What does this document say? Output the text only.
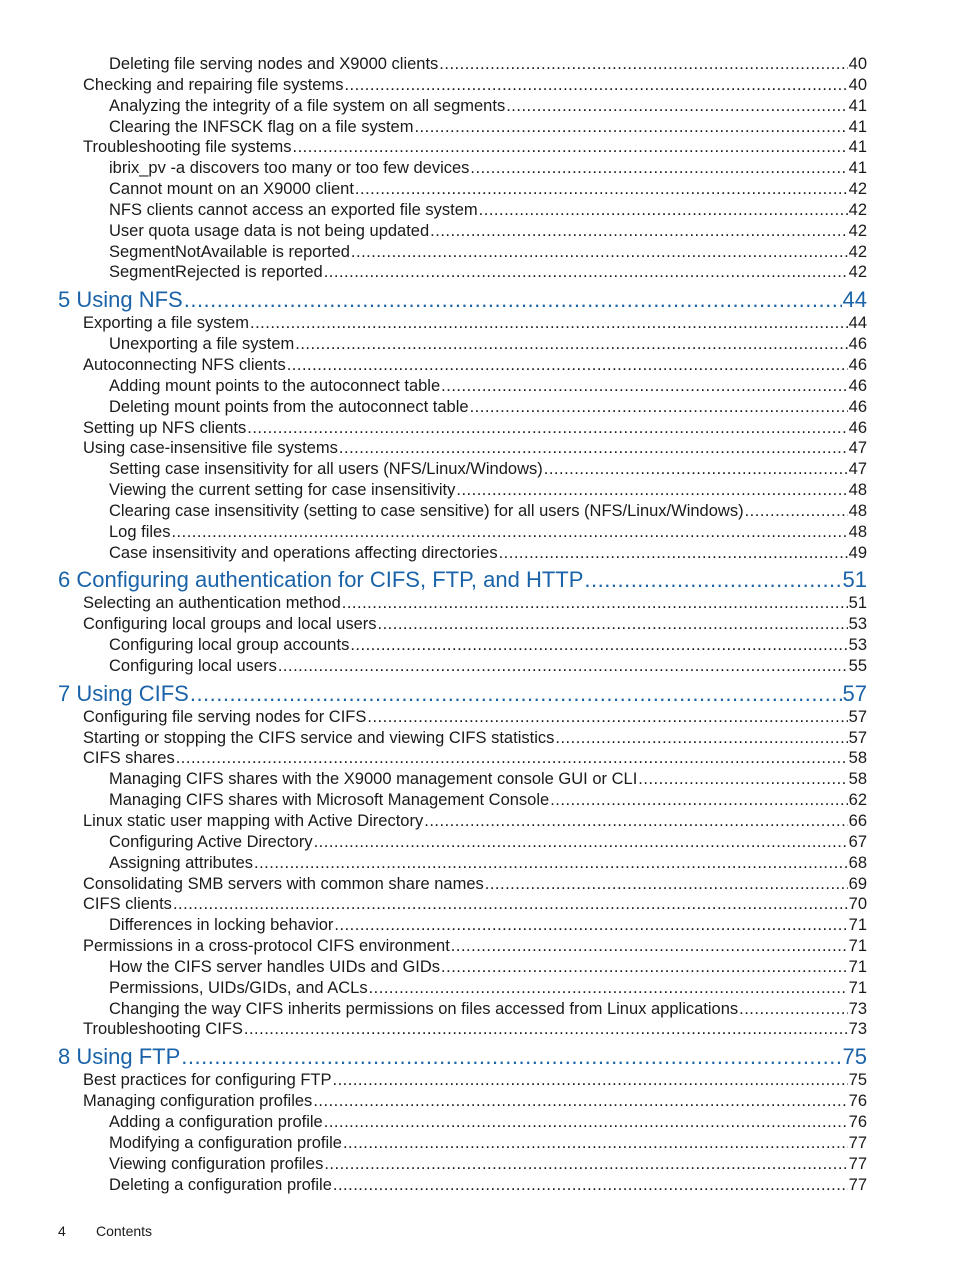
Deleting file serving nodes and X9000 clients .....	40
Checking and repairing file systems .....	40
Analyzing the integrity of a file system on all segments .....	41
Clearing the INFSCK flag on a file system .....	41
Troubleshooting file systems .....	41
ibrix_pv -a discovers too many or too few devices .....	41
Cannot mount on an X9000 client .....	42
NFS clients cannot access an exported file system .....	42
User quota usage data is not being updated .....	42
SegmentNotAvailable is reported .....	42
SegmentRejected is reported .....	42
5 Using NFS .....	44
Exporting a file system .....	44
Unexporting a file system .....	46
Autoconnecting NFS clients .....	46
Adding mount points to the autoconnect table .....	46
Deleting mount points from the autoconnect table .....	46
Setting up NFS clients .....	46
Using case-insensitive file systems .....	47
Setting case insensitivity for all users (NFS/Linux/Windows) .....	47
Viewing the current setting for case insensitivity .....	48
Clearing case insensitivity (setting to case sensitive) for all users (NFS/Linux/Windows) .....	48
Log files .....	48
Case insensitivity and operations affecting directories .....	49
6 Configuring authentication for CIFS, FTP, and HTTP .....	51
Selecting an authentication method .....	51
Configuring local groups and local users .....	53
Configuring local group accounts .....	53
Configuring local users .....	55
7 Using CIFS .....	57
Configuring file serving nodes for CIFS .....	57
Starting or stopping the CIFS service and viewing CIFS statistics .....	57
CIFS shares .....	58
Managing CIFS shares with the X9000 management console GUI or CLI .....	58
Managing CIFS shares with Microsoft Management Console .....	62
Linux static user mapping with Active Directory .....	66
Configuring Active Directory .....	67
Assigning attributes .....	68
Consolidating SMB servers with common share names .....	69
CIFS clients .....	70
Differences in locking behavior .....	71
Permissions in a cross-protocol CIFS environment .....	71
How the CIFS server handles UIDs and GIDs .....	71
Permissions, UIDs/GIDs, and ACLs .....	71
Changing the way CIFS inherits permissions on files accessed from Linux applications .....	73
Troubleshooting CIFS .....	73
8 Using FTP .....	75
Best practices for configuring FTP .....	75
Managing configuration profiles .....	76
Adding a configuration profile .....	76
Modifying a configuration profile .....	77
Viewing configuration profiles .....	77
Deleting a configuration profile .....	77
4 Contents
